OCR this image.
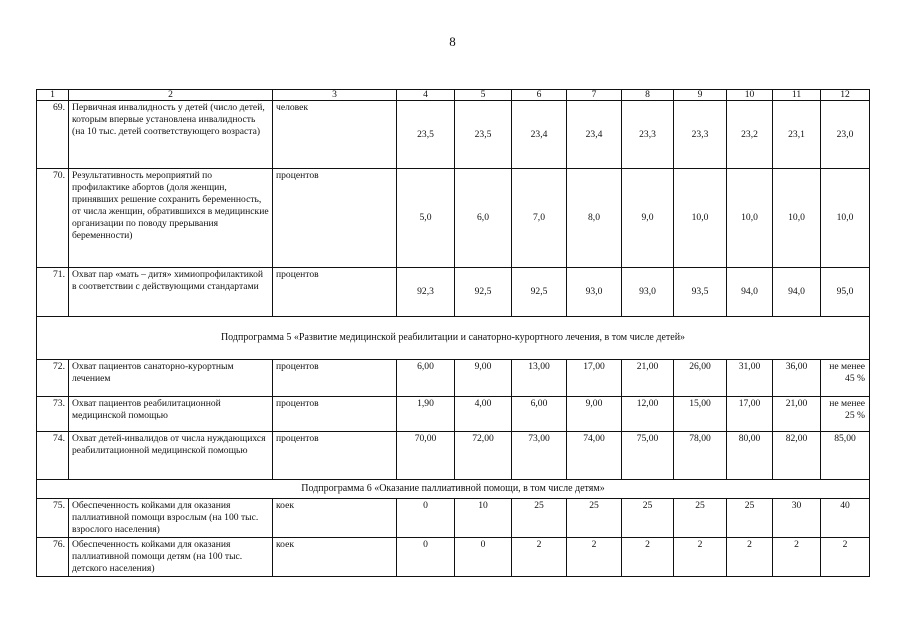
8
1	2	3	4	5	6	7	8	9	10	11	12
69.	Первичная инвалидность у детей (число детей, которым впервые установлена инвалидность (на 10 тыс. детей соответствующего возраста)	человек	23,5	23,5	23,4	23,4	23,3	23,3	23,2	23,1	23,0
70.	Результативность мероприятий по профилактике абортов (доля женщин, принявших решение сохранить беременность, от числа женщин, обратившихся в медицинские организации по поводу прерывания беременности)	процентов	5,0	6,0	7,0	8,0	9,0	10,0	10,0	10,0	10,0
71.	Охват пар «мать – дитя» химиопрофилактикой в соответствии с действующими стандартами	процентов	92,3	92,5	92,5	93,0	93,0	93,5	94,0	94,0	95,0
Подпрограмма 5 «Развитие медицинской реабилитации и санаторно-курортного лечения, в том числе детей»											
72.	Охват пациентов санаторно-курортным лечением	процентов	6,00	9,00	13,00	17,00	21,00	26,00	31,00	36,00	не менее 45 %
73.	Охват пациентов реабилитационной медицинской помощью	процентов	1,90	4,00	6,00	9,00	12,00	15,00	17,00	21,00	не менее 25 %
74.	Охват детей-инвалидов от числа нуждающихся реабилитационной медицинской помощью	процентов	70,00	72,00	73,00	74,00	75,00	78,00	80,00	82,00	85,00
Подпрограмма 6 «Оказание паллиативной помощи, в том числе детям»											
75.	Обеспеченность койками для оказания паллиативной помощи взрослым (на 100 тыс. взрослого населения)	коек	0	10	25	25	25	25	25	30	40
76.	Обеспеченность койками для оказания паллиативной помощи детям (на 100 тыс. детского населения)	коек	0	0	2	2	2	2	2	2	2
